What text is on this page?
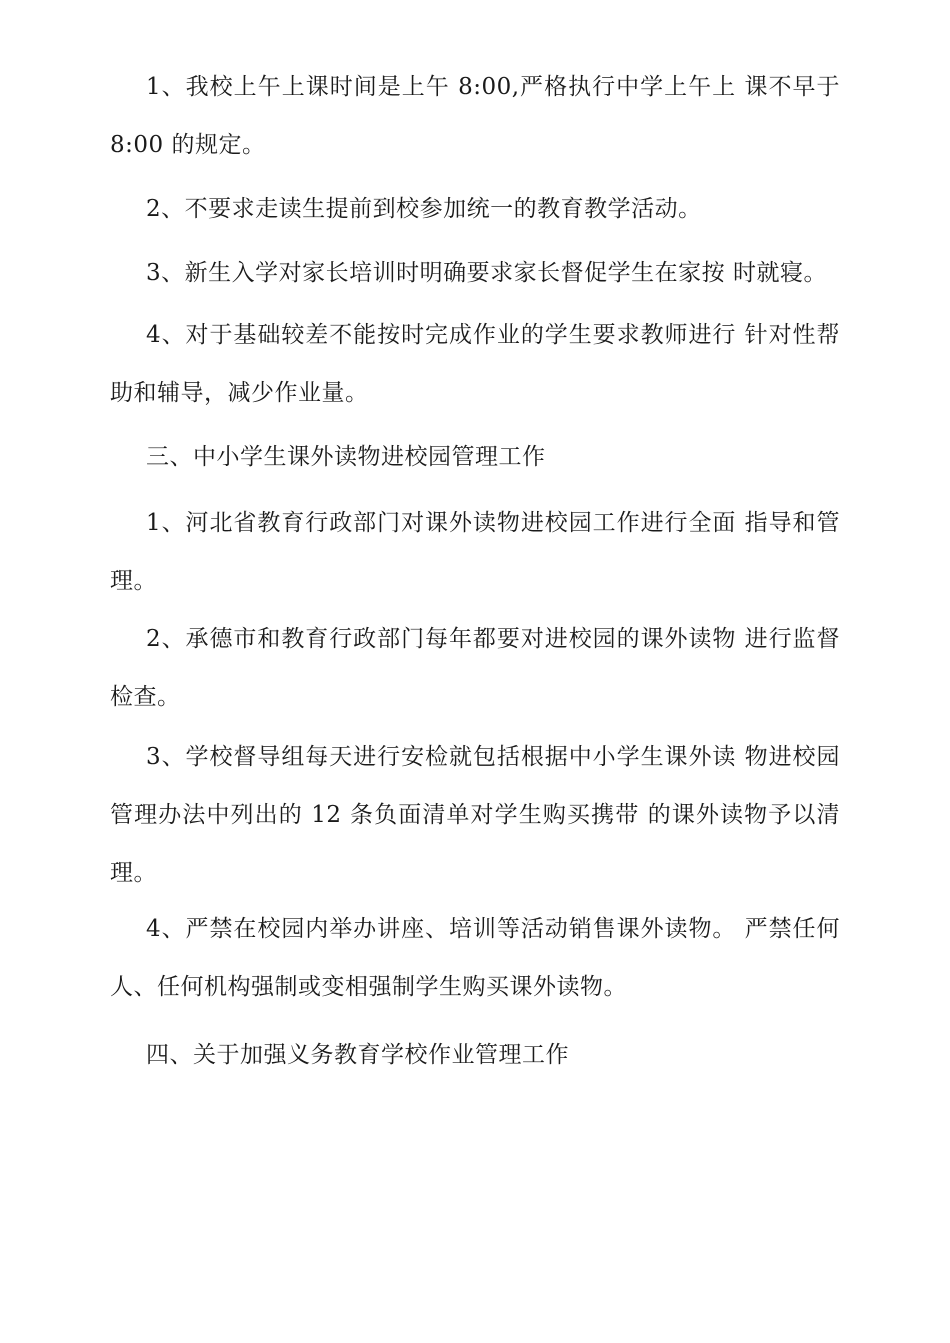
1、我校上午上课时间是上午 8:00,严格执行中学上午上 课不早于 8:00 的规定。

2、不要求走读生提前到校参加统一的教育教学活动。

3、新生入学对家长培训时明确要求家长督促学生在家按 时就寝。

4、对于基础较差不能按时完成作业的学生要求教师进行 针对性帮助和辅导，减少作业量。

三、中小学生课外读物进校园管理工作

1、河北省教育行政部门对课外读物进校园工作进行全面 指导和管理。

2、承德市和教育行政部门每年都要对进校园的课外读物 进行监督检查。

3、学校督导组每天进行安检就包括根据中小学生课外读 物进校园管理办法中列出的 12 条负面清单对学生购买携带 的课外读物予以清理。

4、严禁在校园内举办讲座、培训等活动销售课外读物。 严禁任何人、任何机构强制或变相强制学生购买课外读物。

四、关于加强义务教育学校作业管理工作
